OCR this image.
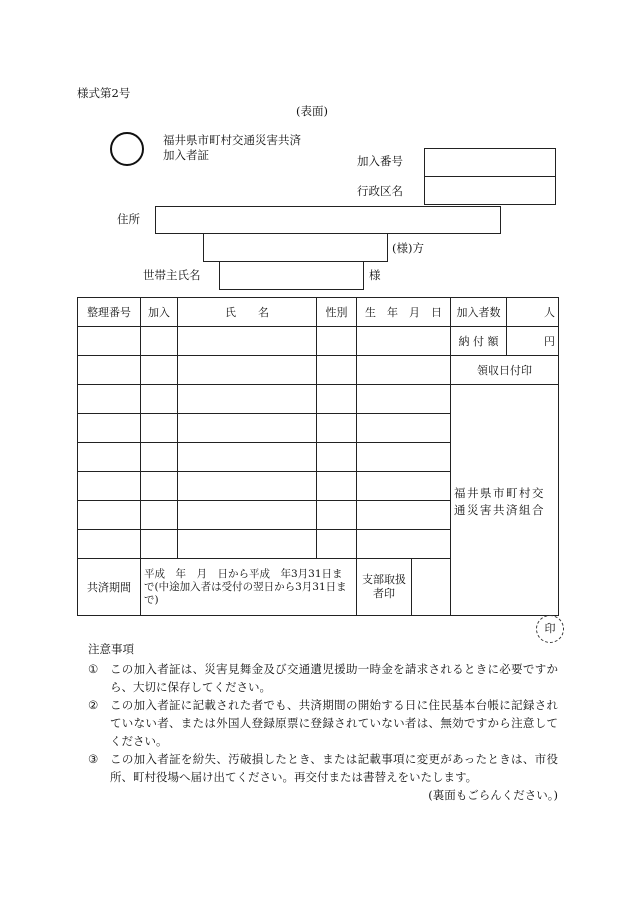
様式第2号
(表面)
福井県市町村交通災害共済
加入者証	加入番号
行政区名
住所
(様)方
世帯主氏名	様
整理番号	加入	氏　　名	性別	生　年　月　日	加入者数	人
					納 付 額	円
					領収日付印	

					福井県市町村交通災害共済組合	

共済期間	平成　年　月　日から平成　年3月31日まで(中途加入者は受付の翌日から3月31日まで)			支部取扱者印		
印
注意事項
①	この加入者証は、災害見舞金及び交通遺児援助一時金を請求されるときに必要ですから、大切に保存してください。
②	この加入者証に記載された者でも、共済期間の開始する日に住民基本台帳に記録されていない者、または外国人登録原票に登録されていない者は、無効ですから注意してください。
③	この加入者証を紛失、汚破損したとき、または記載事項に変更があったときは、市役所、町村役場へ届け出てください。再交付または書替えをいたします。
(裏面もごらんください。)
